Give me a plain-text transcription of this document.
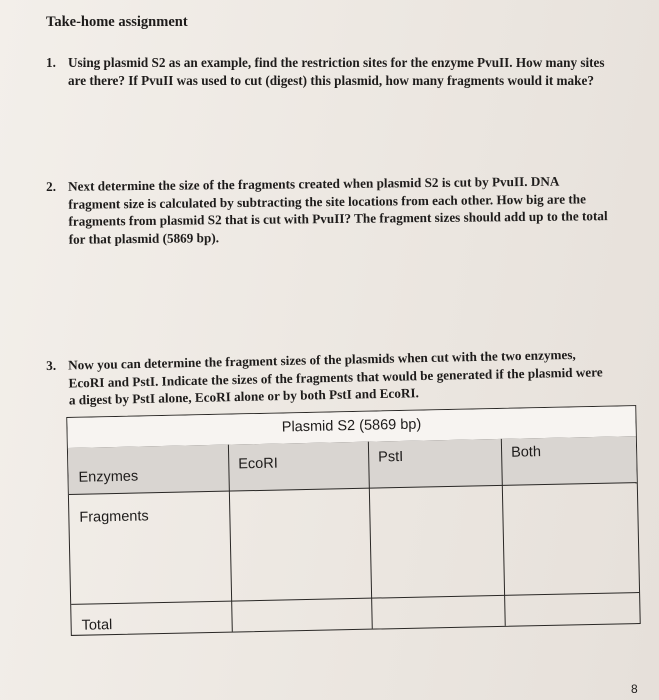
Take-home assignment
1. Using plasmid S2 as an example, find the restriction sites for the enzyme PvuII. How many sites are there? If PvuII was used to cut (digest) this plasmid, how many fragments would it make?
2. Next determine the size of the fragments created when plasmid S2 is cut by PvuII. DNA fragment size is calculated by subtracting the site locations from each other. How big are the fragments from plasmid S2 that is cut with PvuII? The fragment sizes should add up to the total for that plasmid (5869 bp).
3. Now you can determine the fragment sizes of the plasmids when cut with the two enzymes, EcoRI and PstI. Indicate the sizes of the fragments that would be generated if the plasmid were a digest by PstI alone, EcoRI alone or by both PstI and EcoRI.
Plasmid S2 (5869 bp)
Enzymes
EcoRI	PstI	Both
Fragments
Total
8
